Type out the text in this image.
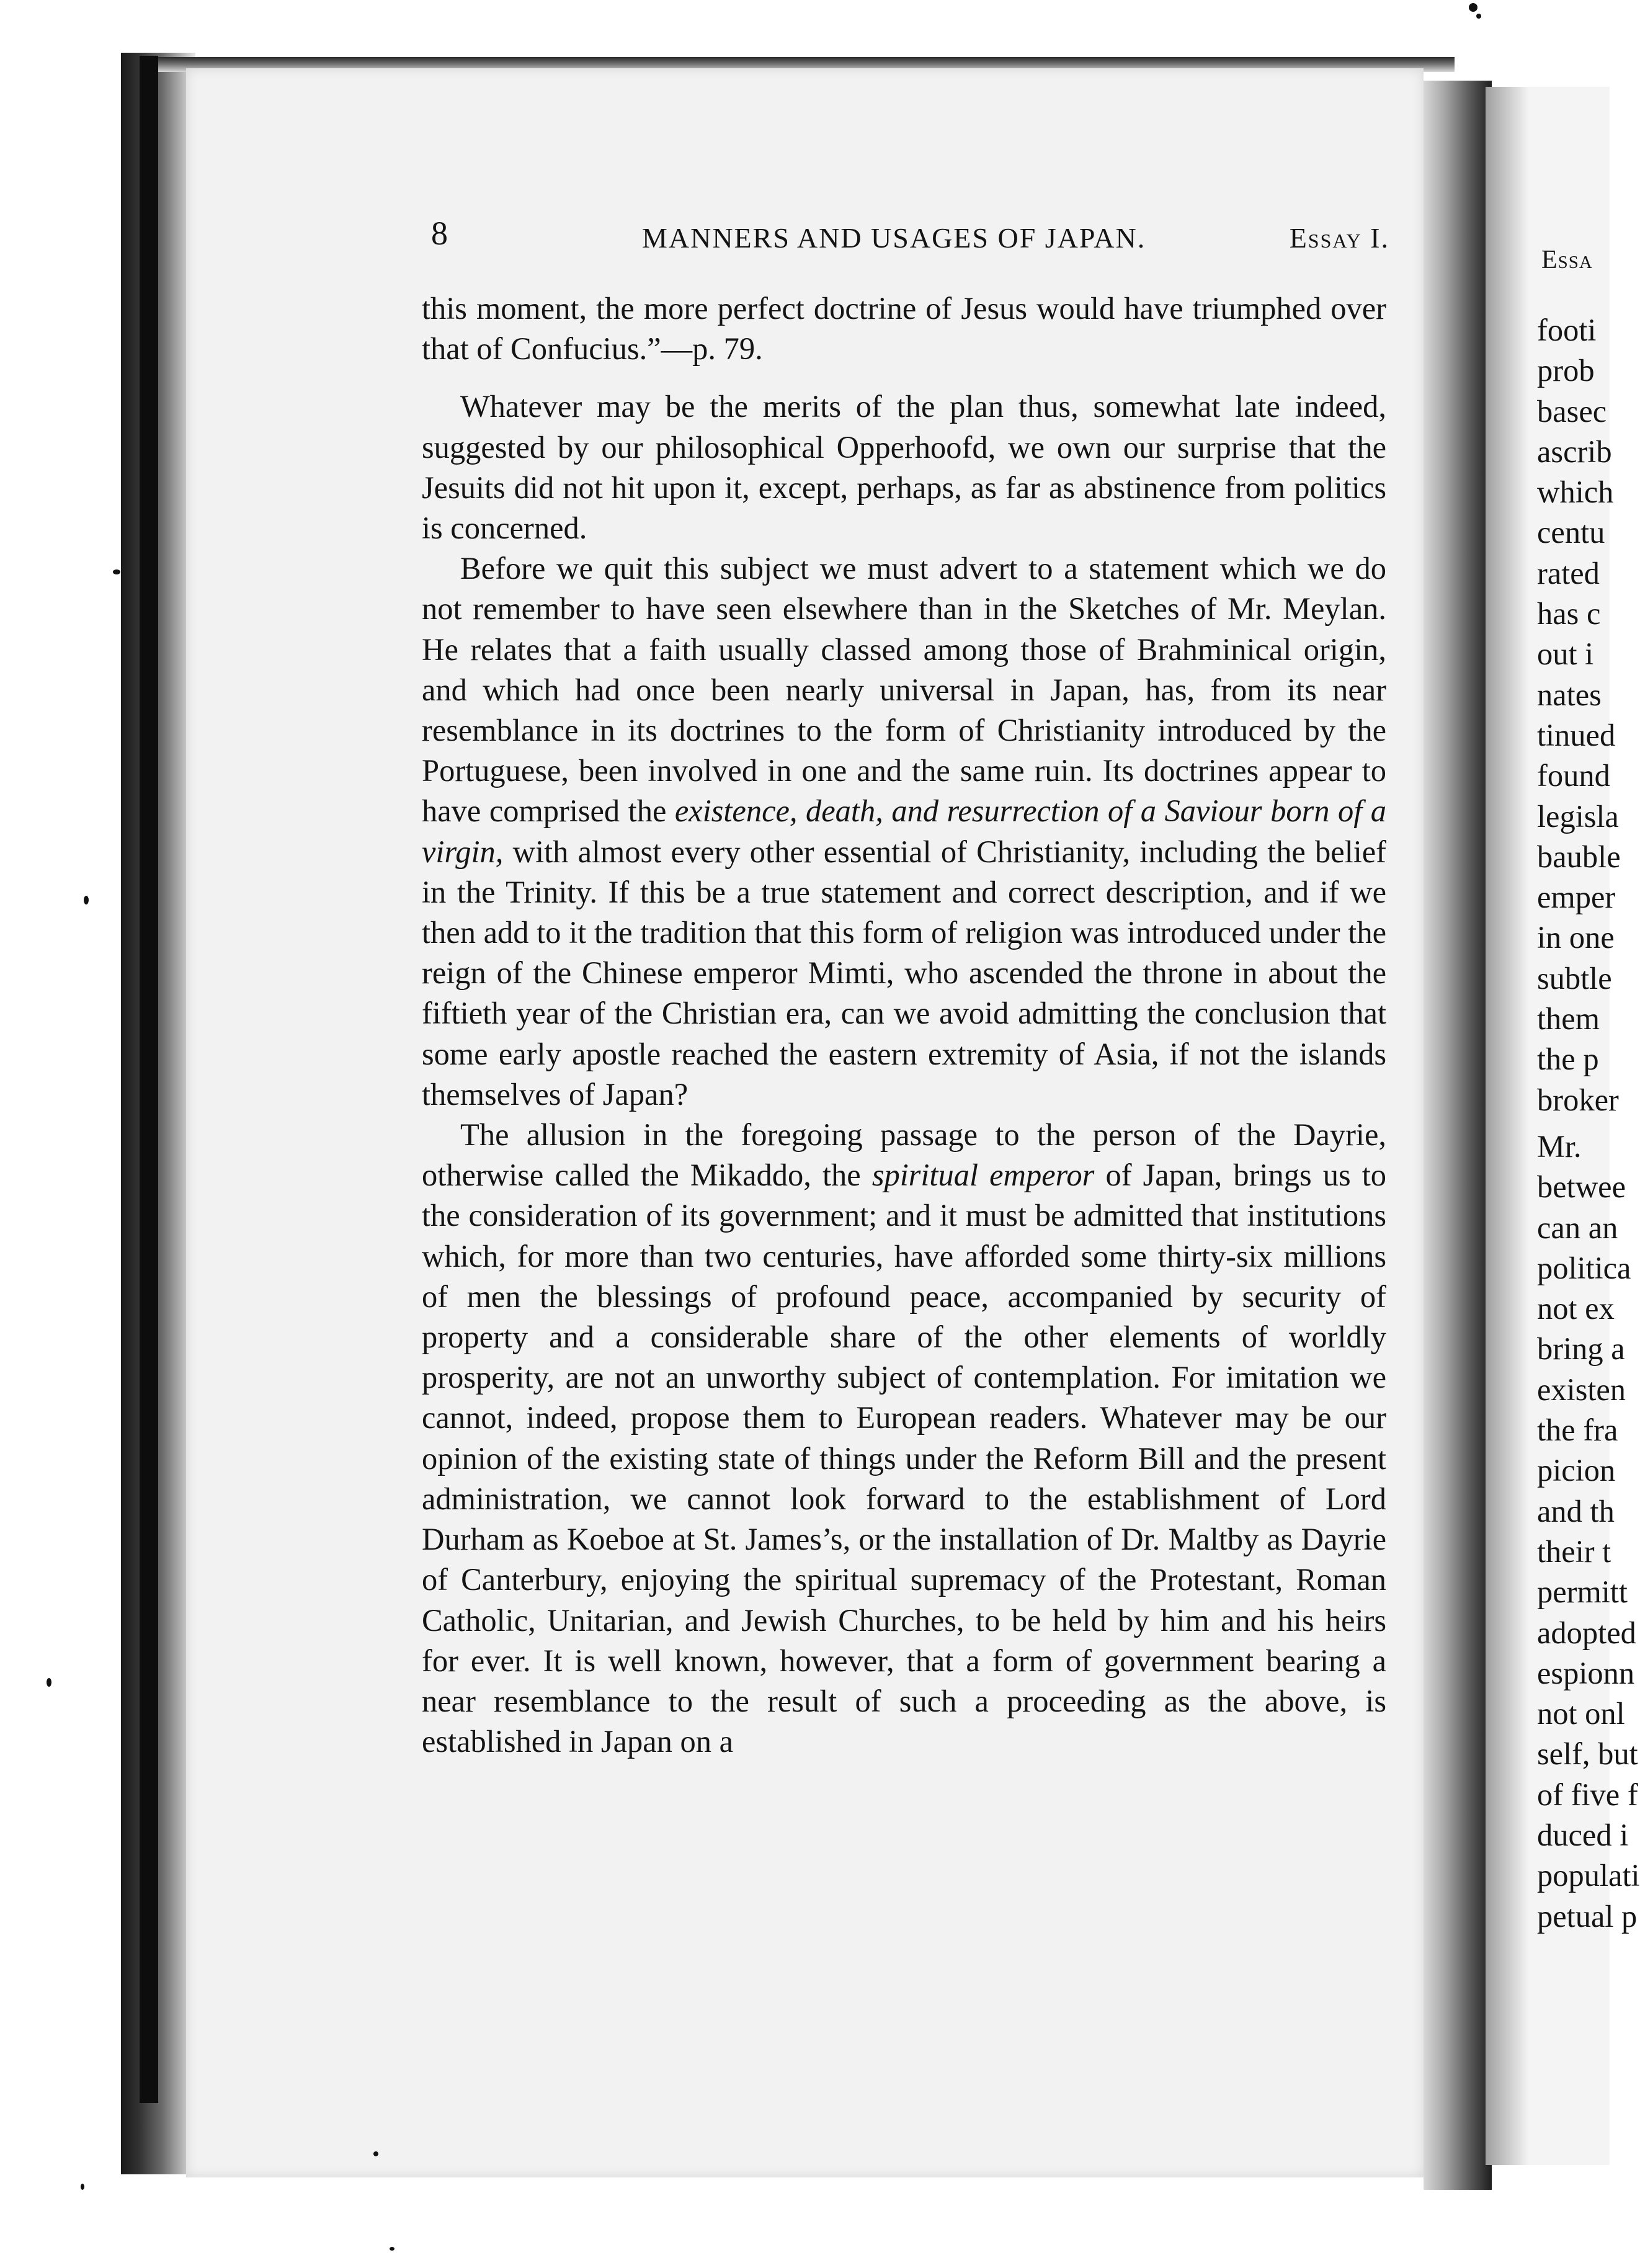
8	MANNERS AND USAGES OF JAPAN.	Essay I.

this moment, the more perfect doctrine of Jesus would have triumphed over that of Confucius.”—p. 79.

Whatever may be the merits of the plan thus, somewhat late indeed, suggested by our philosophical Opperhoofd, we own our surprise that the Jesuits did not hit upon it, except, perhaps, as far as abstinence from politics is concerned.

Before we quit this subject we must advert to a statement which we do not remember to have seen elsewhere than in the Sketches of Mr. Meylan. He relates that a faith usually classed among those of Brahminical origin, and which had once been nearly universal in Japan, has, from its near resemblance in its doctrines to the form of Christianity introduced by the Portuguese, been involved in one and the same ruin. Its doctrines appear to have comprised the existence, death, and resurrection of a Saviour born of a virgin, with almost every other essential of Christianity, including the belief in the Trinity. If this be a true statement and correct description, and if we then add to it the tradition that this form of religion was introduced under the reign of the Chinese emperor Mimti, who ascended the throne in about the fiftieth year of the Christian era, can we avoid admitting the conclusion that some early apostle reached the eastern extremity of Asia, if not the islands themselves of Japan?

The allusion in the foregoing passage to the person of the Dayrie, otherwise called the Mikaddo, the spiritual emperor of Japan, brings us to the consideration of its government; and it must be admitted that institutions which, for more than two centuries, have afforded some thirty-six millions of men the blessings of profound peace, accompanied by security of property and a considerable share of the other elements of worldly prosperity, are not an unworthy subject of contemplation. For imitation we cannot, indeed, propose them to European readers. Whatever may be our opinion of the existing state of things under the Reform Bill and the present administration, we cannot look forward to the establishment of Lord Durham as Koeboe at St. James’s, or the installation of Dr. Maltby as Dayrie of Canterbury, enjoying the spiritual supremacy of the Protestant, Roman Catholic, Unitarian, and Jewish Churches, to be held by him and his heirs for ever. It is well known, however, that a form of government bearing a near resemblance to the result of such a proceeding as the above, is established in Japan on a

Essa
footi
prob
basec
ascrib
which
centu
rated
has c
out i
nates
tinued
found
legisla
bauble
emper
in one
subtle
them
the p
broker
Mr.
betwee
can an
politica
not ex
bring a
existen
the fra
picion
and th
their t
permitt
adopted
espionn
not onl
self, but
of five f
duced i
populati
petual p
